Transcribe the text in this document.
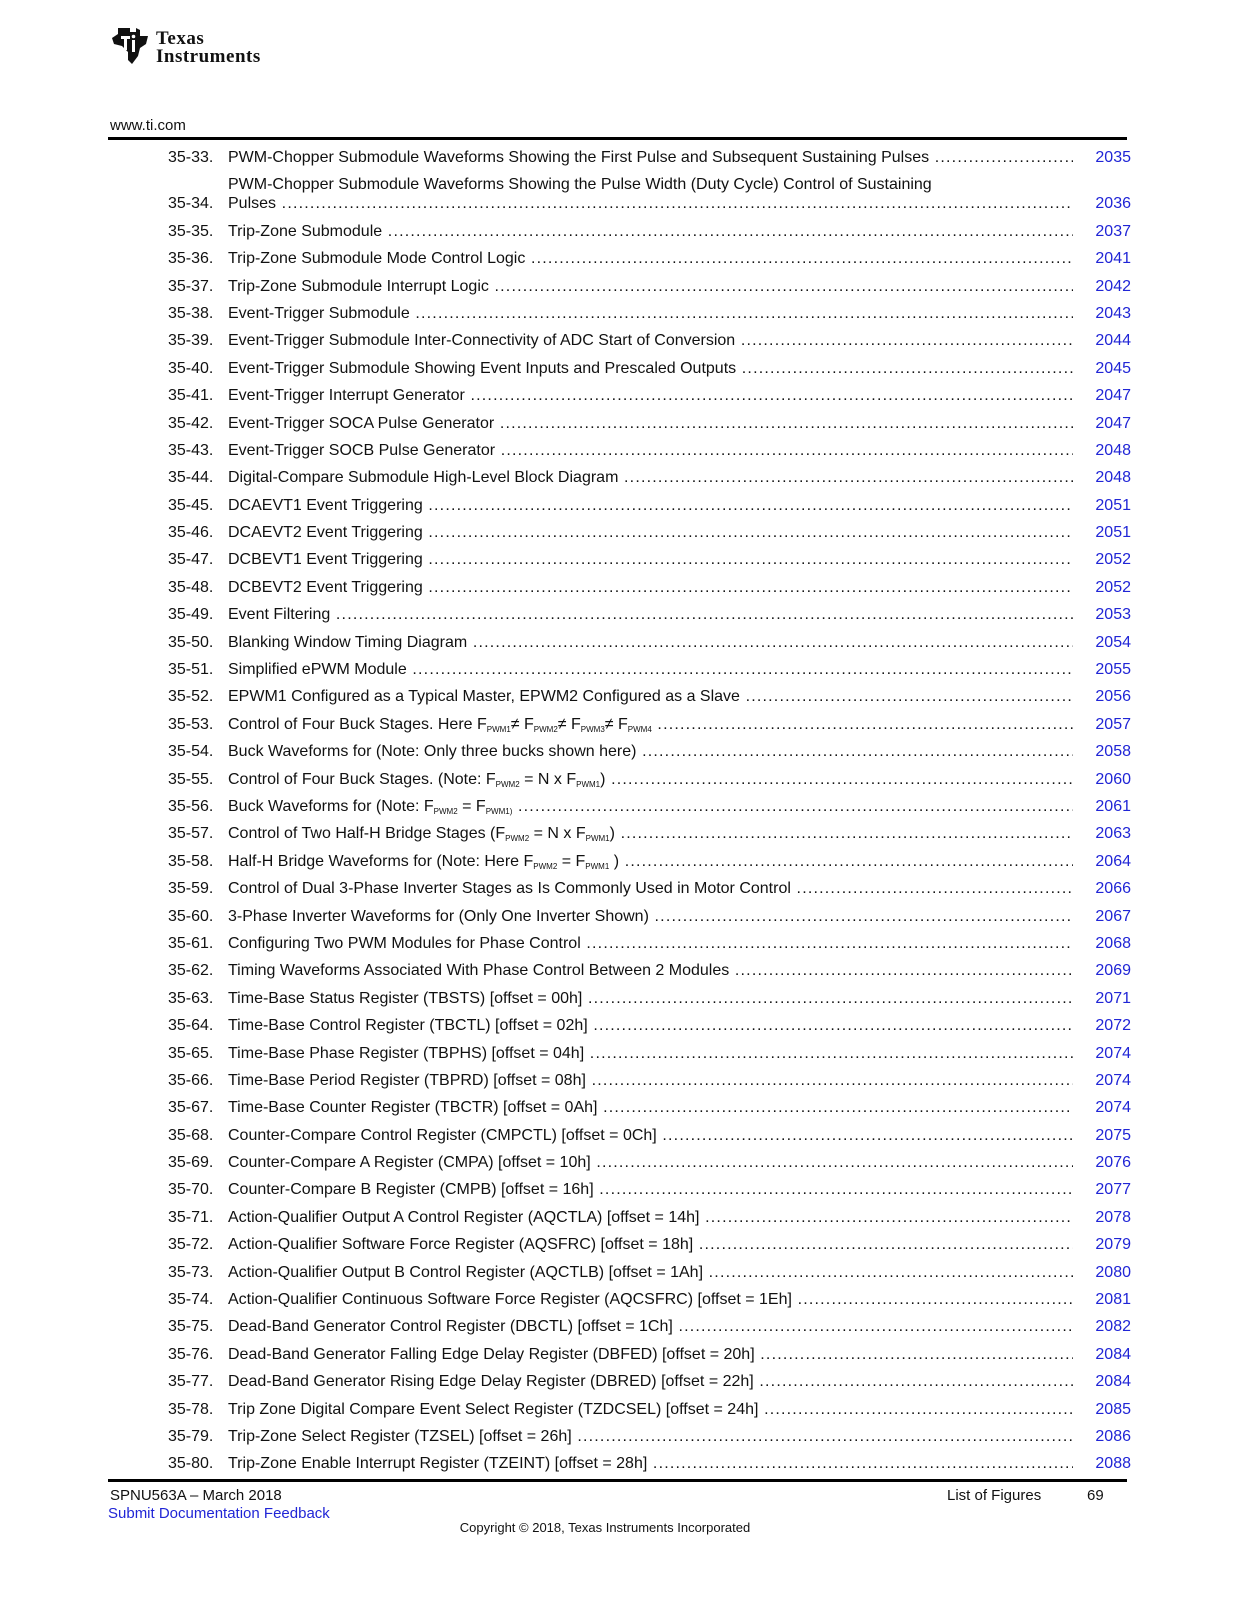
Texas
Instruments
www.ti.com
35-33. PWM-Chopper Submodule Waveforms Showing the First Pulse and Subsequent Sustaining Pulses .....	2035
35-34.
PWM-Chopper Submodule Waveforms Showing the Pulse Width (Duty Cycle) Control of Sustaining
Pulses .....	2036
35-35. Trip-Zone Submodule .....	2037
35-36. Trip-Zone Submodule Mode Control Logic .....	2041
35-37. Trip-Zone Submodule Interrupt Logic .....	2042
35-38. Event-Trigger Submodule .....	2043
35-39. Event-Trigger Submodule Inter-Connectivity of ADC Start of Conversion .....	2044
35-40. Event-Trigger Submodule Showing Event Inputs and Prescaled Outputs .....	2045
35-41. Event-Trigger Interrupt Generator .....	2047
35-42. Event-Trigger SOCA Pulse Generator .....	2047
35-43. Event-Trigger SOCB Pulse Generator .....	2048
35-44. Digital-Compare Submodule High-Level Block Diagram .....	2048
35-45. DCAEVT1 Event Triggering .....	2051
35-46. DCAEVT2 Event Triggering .....	2051
35-47. DCBEVT1 Event Triggering .....	2052
35-48. DCBEVT2 Event Triggering .....	2052
35-49. Event Filtering .....	2053
35-50. Blanking Window Timing Diagram .....	2054
35-51. Simplified ePWM Module .....	2055
35-52. EPWM1 Configured as a Typical Master, EPWM2 Configured as a Slave .....	2056
35-53. Control of Four Buck Stages. Here $F_{PWM1}\ne F_{PWM2}\ne F_{PWM3}\ne F_{PWM4}$ .....	2057
35-54. Buck Waveforms for (Note: Only three bucks shown here) .....	2058
35-55. Control of Four Buck Stages. (Note: $F_{PWM2} = N$ x $F_{PWM1}$) .....	2060
35-56. Buck Waveforms for (Note: $F_{PWM2} = F_{PWM1)}$ .....	2061
35-57. Control of Two Half-H Bridge Stages ($F_{PWM2} = N$ x $F_{PWM1}$) .....	2063
35-58. Half-H Bridge Waveforms for (Note: Here $F_{PWM2} = F_{PWM1}$ ) .....	2064
35-59. Control of Dual 3-Phase Inverter Stages as Is Commonly Used in Motor Control .....	2066
35-60. 3-Phase Inverter Waveforms for (Only One Inverter Shown) .....	2067
35-61. Configuring Two PWM Modules for Phase Control .....	2068
35-62. Timing Waveforms Associated With Phase Control Between 2 Modules .....	2069
35-63. Time-Base Status Register (TBSTS) [offset = 00h] .....	2071
35-64. Time-Base Control Register (TBCTL) [offset = 02h] .....	2072
35-65. Time-Base Phase Register (TBPHS) [offset = 04h] .....	2074
35-66. Time-Base Period Register (TBPRD) [offset = 08h] .....	2074
35-67. Time-Base Counter Register (TBCTR) [offset = 0Ah] .....	2074
35-68. Counter-Compare Control Register (CMPCTL) [offset = 0Ch] .....	2075
35-69. Counter-Compare A Register (CMPA) [offset = 10h] .....	2076
35-70. Counter-Compare B Register (CMPB) [offset = 16h] .....	2077
35-71. Action-Qualifier Output A Control Register (AQCTLA) [offset = 14h] .....	2078
35-72. Action-Qualifier Software Force Register (AQSFRC) [offset = 18h] .....	2079
35-73. Action-Qualifier Output B Control Register (AQCTLB) [offset = 1Ah] .....	2080
35-74. Action-Qualifier Continuous Software Force Register (AQCSFRC) [offset = 1Eh] .....	2081
35-75. Dead-Band Generator Control Register (DBCTL) [offset = 1Ch] .....	2082
35-76. Dead-Band Generator Falling Edge Delay Register (DBFED) [offset = 20h] .....	2084
35-77. Dead-Band Generator Rising Edge Delay Register (DBRED) [offset = 22h] .....	2084
35-78. Trip Zone Digital Compare Event Select Register (TZDCSEL) [offset = 24h] .....	2085
35-79. Trip-Zone Select Register (TZSEL) [offset = 26h] .....	2086
35-80. Trip-Zone Enable Interrupt Register (TZEINT) [offset = 28h] .....	2088
SPNU563A – March 2018
Submit Documentation Feedback
List of Figures	69
Copyright © 2018, Texas Instruments Incorporated
